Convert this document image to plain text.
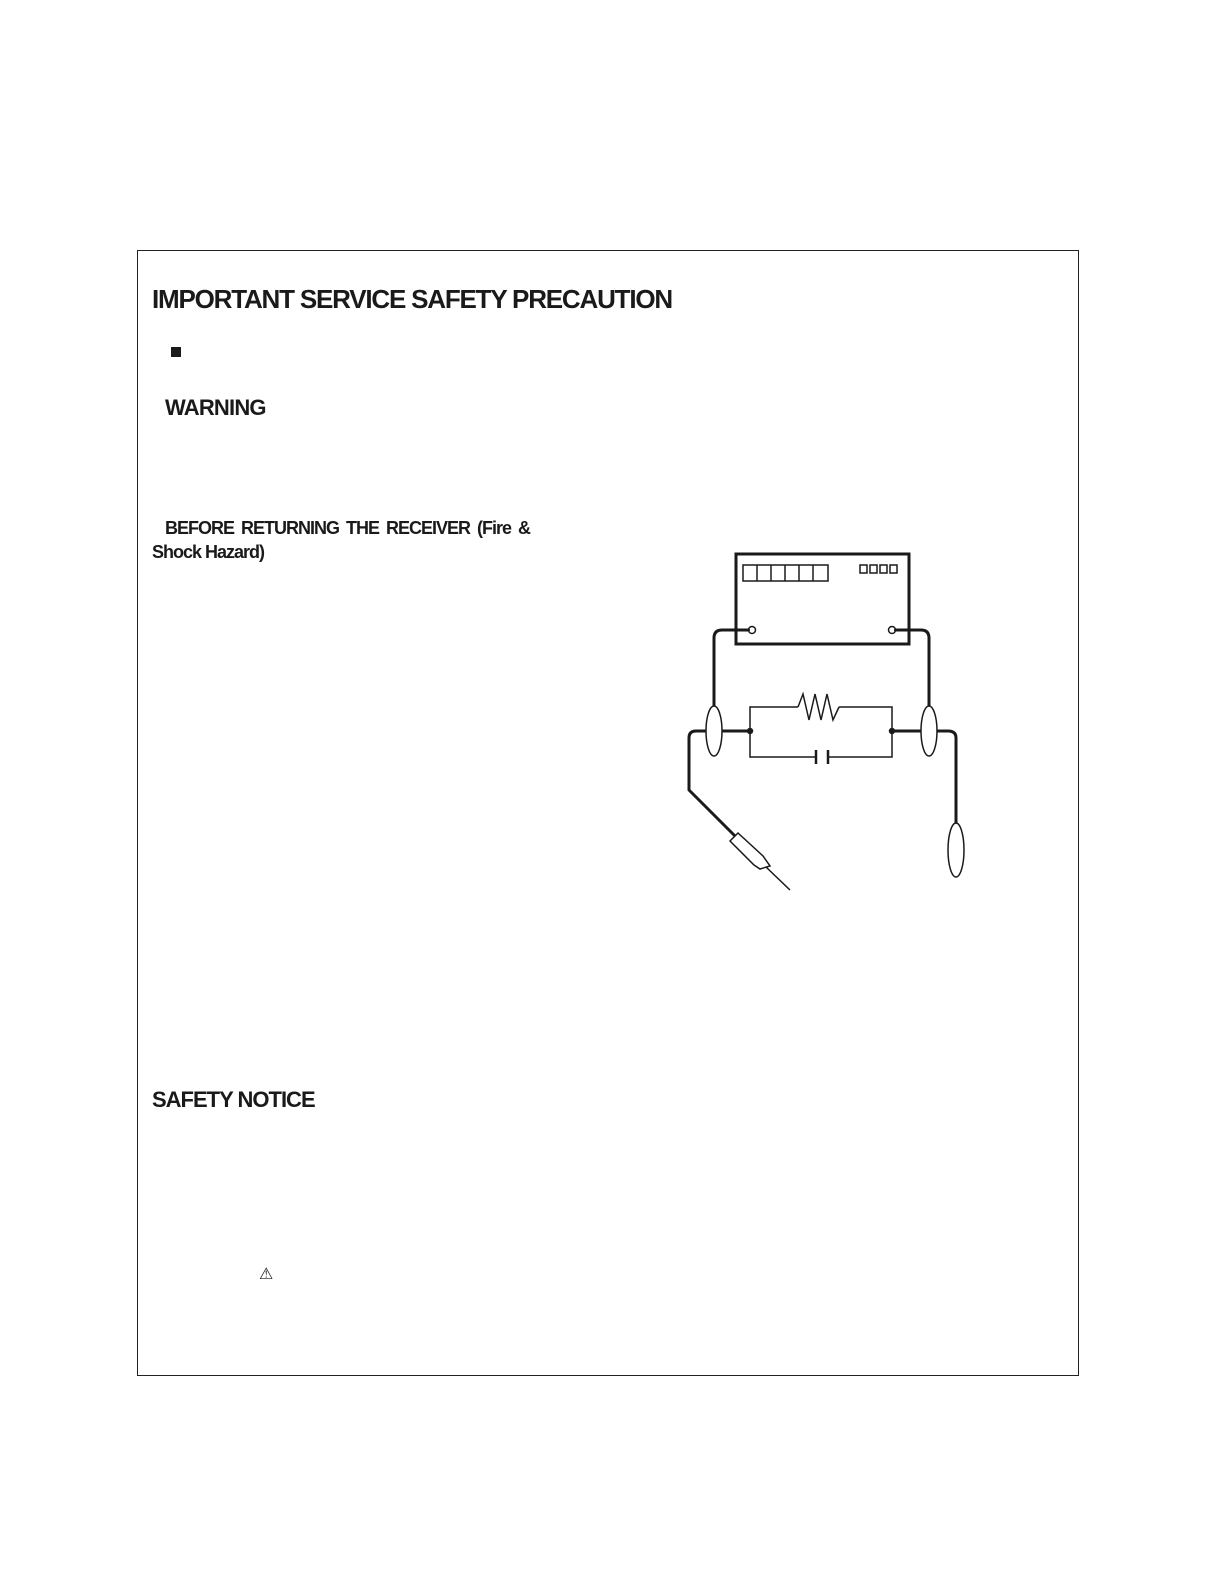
IMPORTANT SERVICE SAFETY PRECAUTION
WARNING
BEFORE RETURNING THE RECEIVER (Fire & Shock Hazard)
SAFETY NOTICE
⚠
